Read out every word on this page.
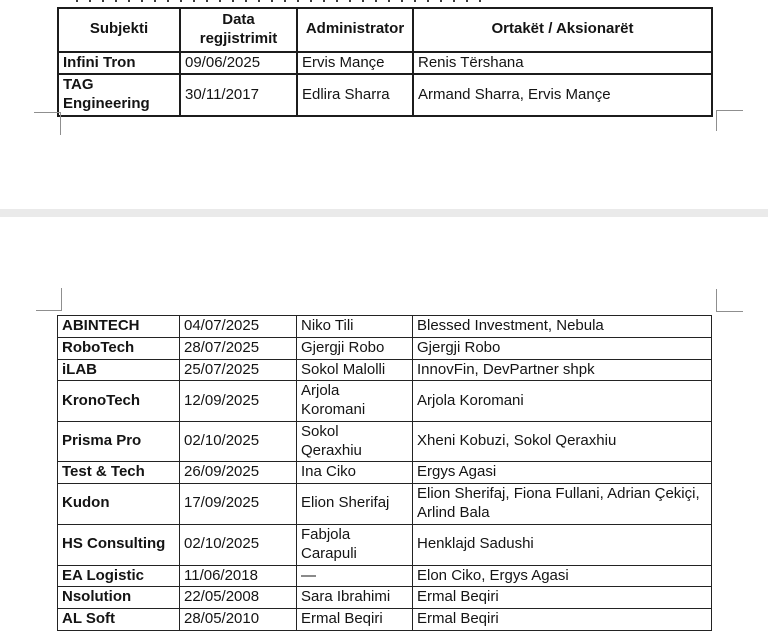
Subjekti	Data regjistrimit	Administrator	Ortakët / Aksionarët
Infini Tron	09/06/2025	Ervis Mançe	Renis Tërshana
TAG Engineering	30/11/2017	Edlira Sharra	Armand Sharra, Ervis Mançe
ABINTECH	04/07/2025	Niko Tili	Blessed Investment, Nebula
RoboTech	28/07/2025	Gjergji Robo	Gjergji Robo
iLAB	25/07/2025	Sokol Malolli	InnovFin, DevPartner shpk
KronoTech	12/09/2025	Arjola Koromani	Arjola Koromani
Prisma Pro	02/10/2025	Sokol Qeraxhiu	Xheni Kobuzi, Sokol Qeraxhiu
Test & Tech	26/09/2025	Ina Ciko	Ergys Agasi
Kudon	17/09/2025	Elion Sherifaj	Elion Sherifaj, Fiona Fullani, Adrian Çekiçi, Arlind Bala
HS Consulting	02/10/2025	Fabjola Carapuli	Henklajd Sadushi
EA Logistic	11/06/2018	—	Elon Ciko, Ergys Agasi
Nsolution	22/05/2008	Sara Ibrahimi	Ermal Beqiri
AL Soft	28/05/2010	Ermal Beqiri	Ermal Beqiri
